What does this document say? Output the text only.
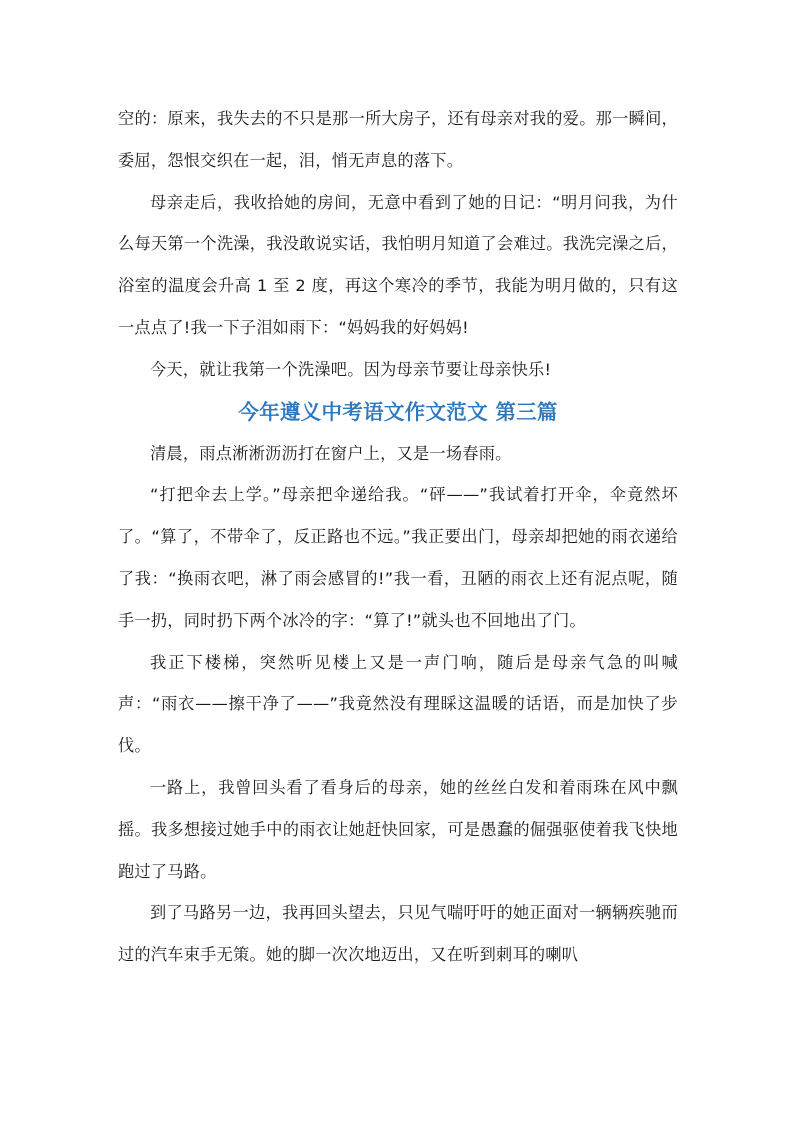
空的：原来，我失去的不只是那一所大房子，还有母亲对我的爱。那一瞬间，委屈，怨恨交织在一起，泪，悄无声息的落下。

母亲走后，我收拾她的房间，无意中看到了她的日记：“明月问我，为什么每天第一个洗澡，我没敢说实话，我怕明月知道了会难过。我洗完澡之后，浴室的温度会升高 1 至 2 度，再这个寒冷的季节，我能为明月做的，只有这一点点了!我一下子泪如雨下：“妈妈我的好妈妈!

今天，就让我第一个洗澡吧。因为母亲节要让母亲快乐!

今年遵义中考语文作文范文 第三篇

清晨，雨点淅淅沥沥打在窗户上，又是一场春雨。

“打把伞去上学。”母亲把伞递给我。“砰——”我试着打开伞，伞竟然坏了。“算了，不带伞了，反正路也不远。”我正要出门，母亲却把她的雨衣递给了我：“换雨衣吧，淋了雨会感冒的!”我一看，丑陋的雨衣上还有泥点呢，随手一扔，同时扔下两个冰冷的字：“算了!”就头也不回地出了门。

我正下楼梯，突然听见楼上又是一声门响，随后是母亲气急的叫喊声：“雨衣——擦干净了——”我竟然没有理睬这温暖的话语，而是加快了步伐。

一路上，我曾回头看了看身后的母亲，她的丝丝白发和着雨珠在风中飘摇。我多想接过她手中的雨衣让她赶快回家，可是愚蠢的倔强驱使着我飞快地跑过了马路。

到了马路另一边，我再回头望去，只见气喘吁吁的她正面对一辆辆疾驰而过的汽车束手无策。她的脚一次次地迈出，又在听到刺耳的喇叭
